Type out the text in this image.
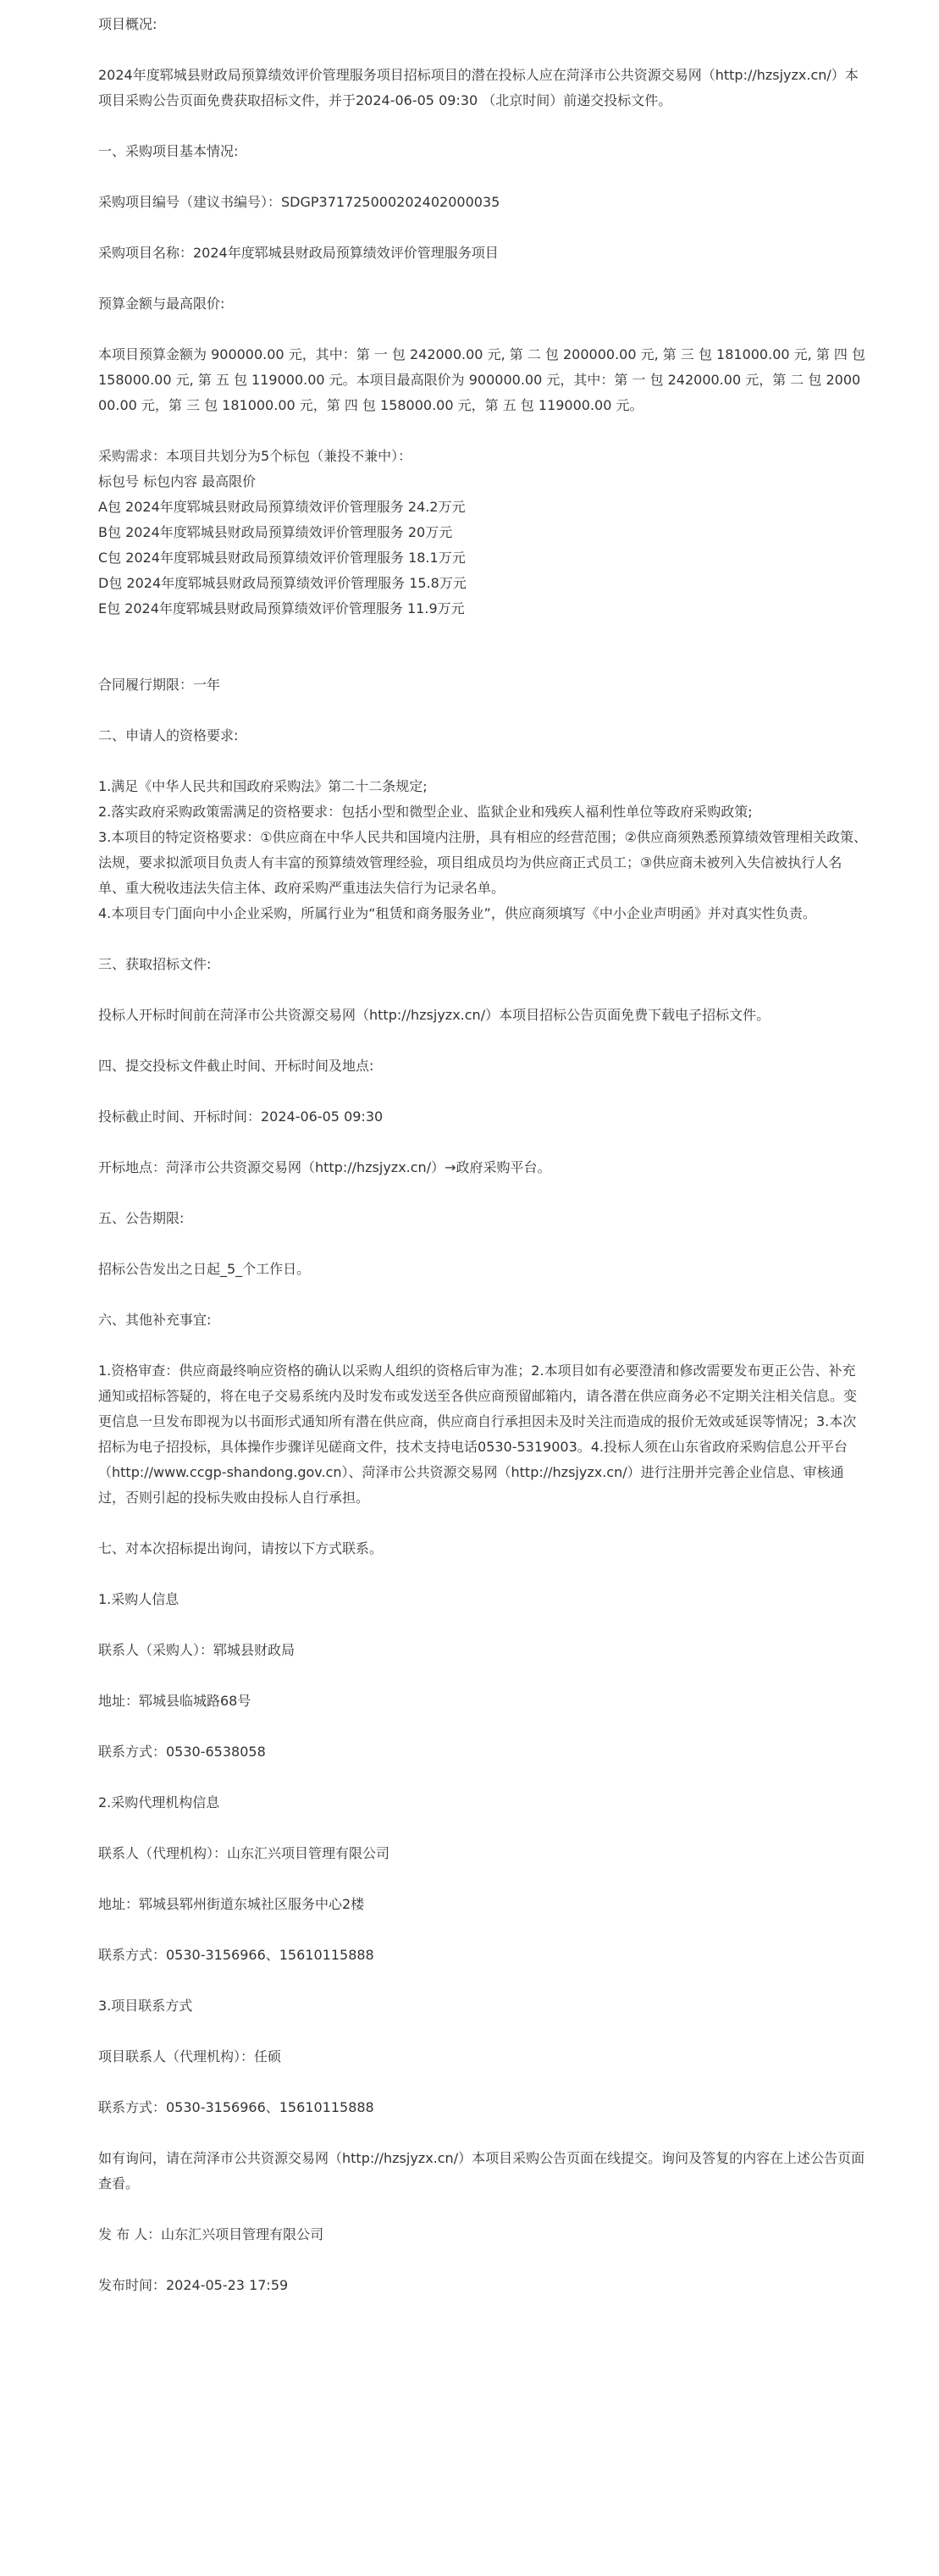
项目概况:
2024年度郓城县财政局预算绩效评价管理服务项目招标项目的潜在投标人应在菏泽市公共资源交易网（http://hzsjyzx.cn/）本项目采购公告页面免费获取招标文件，并于2024-06-05 09:30 （北京时间）前递交投标文件。
一、采购项目基本情况:
采购项目编号（建议书编号）：SDGP371725000202402000035
采购项目名称：2024年度郓城县财政局预算绩效评价管理服务项目
预算金额与最高限价:
本项目预算金额为 900000.00 元，其中：第 一 包 242000.00 元, 第 二 包 200000.00 元, 第 三 包 181000.00 元, 第 四 包 158000.00 元, 第 五 包 119000.00 元。本项目最高限价为 900000.00 元，其中：第 一 包 242000.00 元，第 二 包 200000.00 元，第 三 包 181000.00 元，第 四 包 158000.00 元，第 五 包 119000.00 元。
采购需求：本项目共划分为5个标包（兼投不兼中）：
标包号 标包内容 最高限价
A包 2024年度郓城县财政局预算绩效评价管理服务 24.2万元
B包 2024年度郓城县财政局预算绩效评价管理服务 20万元
C包 2024年度郓城县财政局预算绩效评价管理服务 18.1万元
D包 2024年度郓城县财政局预算绩效评价管理服务 15.8万元
E包 2024年度郓城县财政局预算绩效评价管理服务 11.9万元
合同履行期限：一年
二、申请人的资格要求:
1.满足《中华人民共和国政府采购法》第二十二条规定;
2.落实政府采购政策需满足的资格要求：包括小型和微型企业、监狱企业和残疾人福利性单位等政府采购政策;
3.本项目的特定资格要求：①供应商在中华人民共和国境内注册，具有相应的经营范围；②供应商须熟悉预算绩效管理相关政策、法规，要求拟派项目负责人有丰富的预算绩效管理经验，项目组成员均为供应商正式员工；③供应商未被列入失信被执行人名单、重大税收违法失信主体、政府采购严重违法失信行为记录名单。
4.本项目专门面向中小企业采购，所属行业为“租赁和商务服务业”，供应商须填写《中小企业声明函》并对真实性负责。
三、获取招标文件:
投标人开标时间前在菏泽市公共资源交易网（http://hzsjyzx.cn/）本项目招标公告页面免费下载电子招标文件。
四、提交投标文件截止时间、开标时间及地点:
投标截止时间、开标时间：2024-06-05 09:30
开标地点：菏泽市公共资源交易网（http://hzsjyzx.cn/）→政府采购平台。
五、公告期限:
招标公告发出之日起_5_个工作日。
六、其他补充事宜:
1.资格审查：供应商最终响应资格的确认以采购人组织的资格后审为准；2.本项目如有必要澄清和修改需要发布更正公告、补充通知或招标答疑的，将在电子交易系统内及时发布或发送至各供应商预留邮箱内，请各潜在供应商务必不定期关注相关信息。变更信息一旦发布即视为以书面形式通知所有潜在供应商，供应商自行承担因未及时关注而造成的报价无效或延误等情况；3.本次招标为电子招投标，具体操作步骤详见磋商文件，技术支持电话0530-5319003。4.投标人须在山东省政府采购信息公开平台（http://www.ccgp-shandong.gov.cn）、菏泽市公共资源交易网（http://hzsjyzx.cn/）进行注册并完善企业信息、审核通过，否则引起的投标失败由投标人自行承担。
七、对本次招标提出询问，请按以下方式联系。
1.采购人信息
联系人（采购人）：郓城县财政局
地址：郓城县临城路68号
联系方式：0530-6538058
2.采购代理机构信息
联系人（代理机构）：山东汇兴项目管理有限公司
地址：郓城县郓州街道东城社区服务中心2楼
联系方式：0530-3156966、15610115888
3.项目联系方式
项目联系人（代理机构）：任硕
联系方式：0530-3156966、15610115888
如有询问，请在菏泽市公共资源交易网（http://hzsjyzx.cn/）本项目采购公告页面在线提交。询问及答复的内容在上述公告页面查看。
发 布 人：山东汇兴项目管理有限公司
发布时间：2024-05-23 17:59
